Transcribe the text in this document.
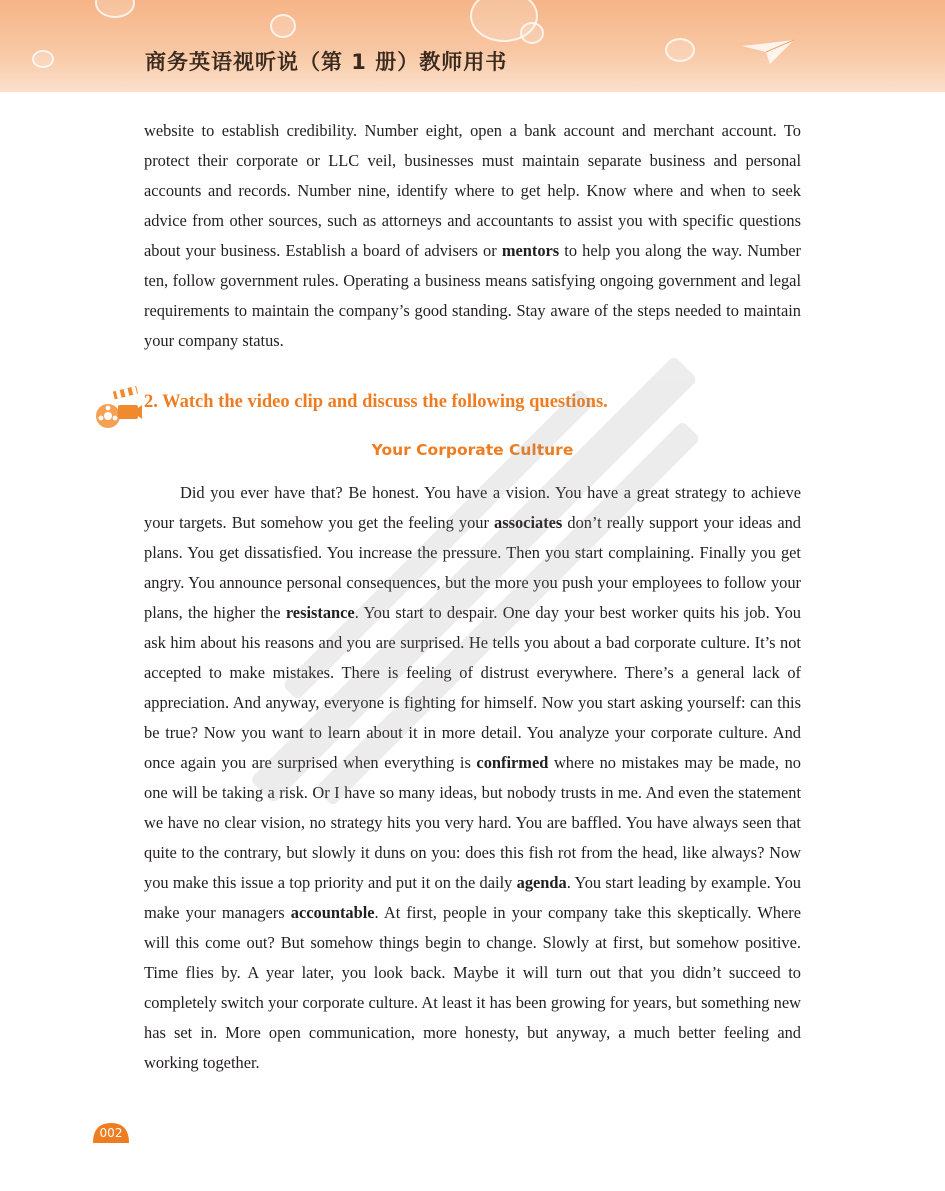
商务英语视听说（第 1 册）教师用书

website to establish credibility. Number eight, open a bank account and merchant account. To protect their corporate or LLC veil, businesses must maintain separate business and personal accounts and records. Number nine, identify where to get help. Know where and when to seek advice from other sources, such as attorneys and accountants to assist you with specific questions about your business. Establish a board of advisers or mentors to help you along the way. Number ten, follow government rules. Operating a business means satisfying ongoing government and legal requirements to maintain the company’s good standing. Stay aware of the steps needed to maintain your company status.

2. Watch the video clip and discuss the following questions.
Your Corporate Culture

Did you ever have that? Be honest. You have a vision. You have a great strategy to achieve your targets. But somehow you get the feeling your associates don’t really support your ideas and plans. You get dissatisfied. You increase the pressure. Then you start complaining. Finally you get angry. You announce personal consequences, but the more you push your employees to follow your plans, the higher the resistance. You start to despair. One day your best worker quits his job. You ask him about his reasons and you are surprised. He tells you about a bad corporate culture. It’s not accepted to make mistakes. There is feeling of distrust everywhere. There’s a general lack of appreciation. And anyway, everyone is fighting for himself. Now you start asking yourself: can this be true? Now you want to learn about it in more detail. You analyze your corporate culture. And once again you are surprised when everything is confirmed where no mistakes may be made, no one will be taking a risk. Or I have so many ideas, but nobody trusts in me. And even the statement we have no clear vision, no strategy hits you very hard. You are baffled. You have always seen that quite to the contrary, but slowly it duns on you: does this fish rot from the head, like always? Now you make this issue a top priority and put it on the daily agenda. You start leading by example. You make your managers accountable. At first, people in your company take this skeptically. Where will this come out? But somehow things begin to change. Slowly at first, but somehow positive. Time flies by. A year later, you look back. Maybe it will turn out that you didn’t succeed to completely switch your corporate culture. At least it has been growing for years, but something new has set in. More open communication, more honesty, but anyway, a much better feeling and working together.

002
